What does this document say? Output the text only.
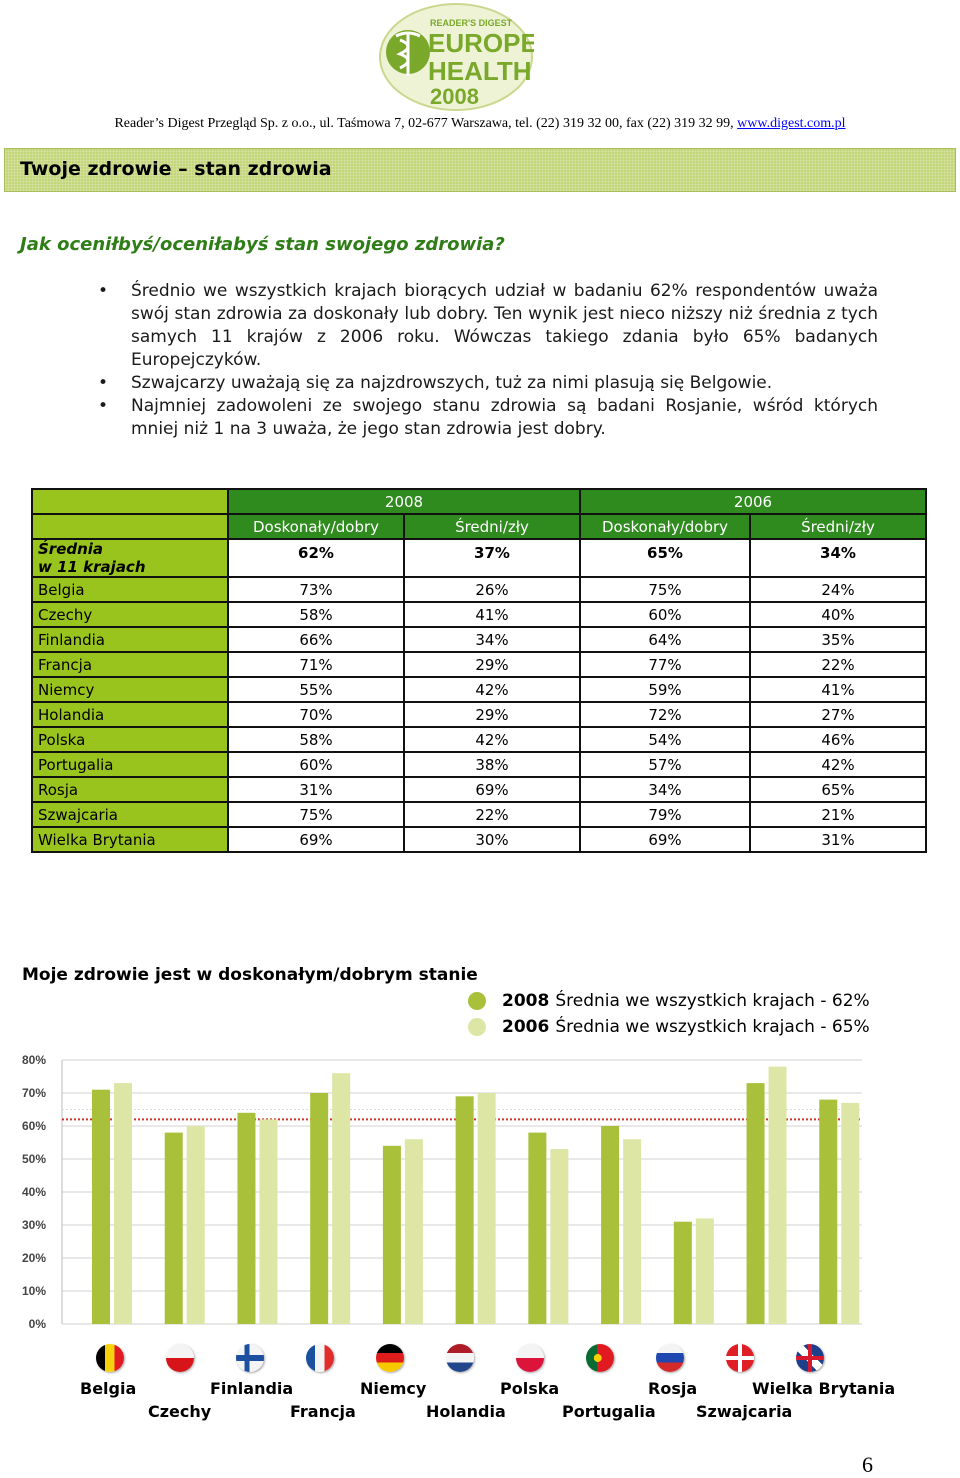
READER'S DIGEST
EUROPE
HEALTH
2008
Reader’s Digest Przegląd Sp. z o.o., ul. Taśmowa 7, 02-677 Warszawa, tel. (22) 319 32 00, fax (22) 319 32 99, www.digest.com.pl
Twoje zdrowie – stan zdrowia
Jak oceniłbyś/oceniłabyś stan swojego zdrowia?
• Średnio we wszystkich krajach biorących udział w badaniu 62% respondentów uważa swój stan zdrowia za doskonały lub dobry. Ten wynik jest nieco niższy niż średnia z tych samych 11 krajów z 2006 roku. Wówczas takiego zdania było 65% badanych Europejczyków.
• Szwajcarzy uważają się za najzdrowszych, tuż za nimi plasują się Belgowie.
• Najmniej zadowoleni ze swojego stanu zdrowia są badani Rosjanie, wśród których mniej niż 1 na 3 uważa, że jego stan zdrowia jest dobry.
	2008		2006	
	Doskonały/dobry	Średni/zły	Doskonały/dobry	Średni/zły

Średnia
w 11 krajach	62%	37%	65%	34%
Belgia	73%	26%	75%	24%
Czechy	58%	41%	60%	40%
Finlandia	66%	34%	64%	35%
Francja	71%	29%	77%	22%
Niemcy	55%	42%	59%	41%
Holandia	70%	29%	72%	27%
Polska	58%	42%	54%	46%
Portugalia	60%	38%	57%	42%
Rosja	31%	69%	34%	65%
Szwajcaria	75%	22%	79%	21%
Wielka Brytania	69%	30%	69%	31%
Moje zdrowie jest w doskonałym/dobrym stanie
2008 Średnia we wszystkich krajach - 62%
2006 Średnia we wszystkich krajach - 65%
0%
10%
20%
30%
40%
50%
60%
70%
80%
Belgia
Czechy
Finlandia
Francja
Niemcy
Holandia
Polska
Portugalia
Rosja
Szwajcaria
Wielka Brytania
6
